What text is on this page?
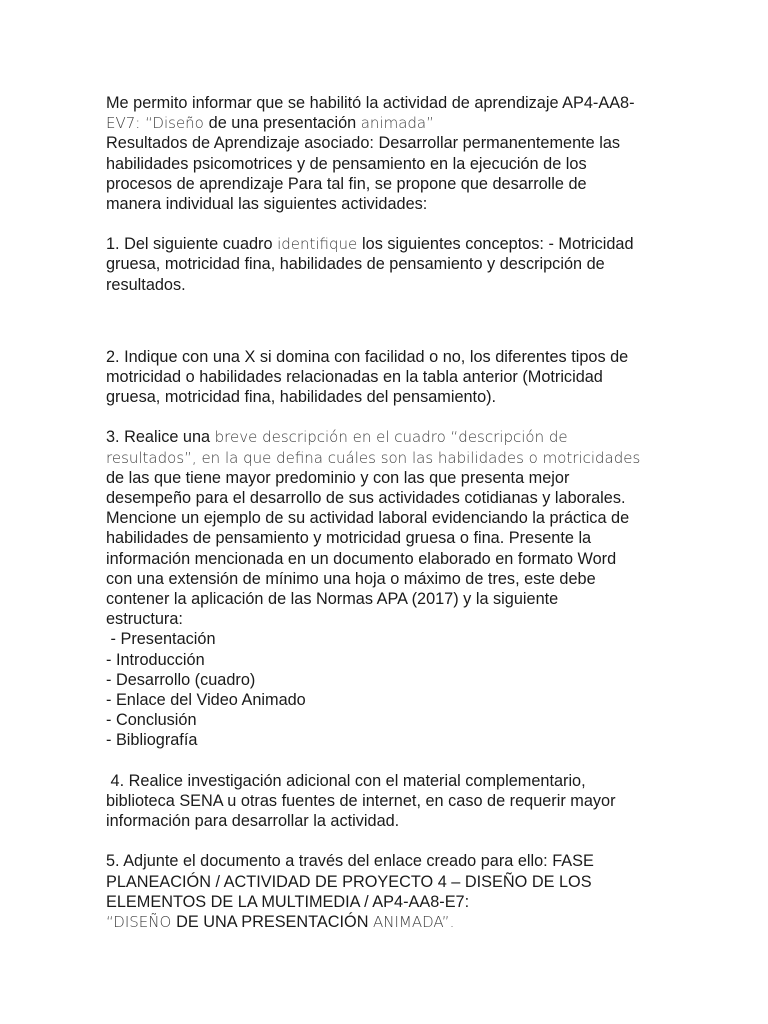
Me permito informar que se habilitó la actividad de aprendizaje AP4-AA8-
EV7: “Diseño de una presentación animada”
Resultados de Aprendizaje asociado: Desarrollar permanentemente las
habilidades psicomotrices y de pensamiento en la ejecución de los
procesos de aprendizaje Para tal fin, se propone que desarrolle de
manera individual las siguientes actividades:
1. Del siguiente cuadro identifique los siguientes conceptos: - Motricidad
gruesa, motricidad fina, habilidades de pensamiento y descripción de
resultados.
2. Indique con una X si domina con facilidad o no, los diferentes tipos de
motricidad o habilidades relacionadas en la tabla anterior (Motricidad
gruesa, motricidad fina, habilidades del pensamiento).
3. Realice una breve descripción en el cuadro “descripción de
resultados”, en la que defina cuáles son las habilidades o motricidades
de las que tiene mayor predominio y con las que presenta mejor
desempeño para el desarrollo de sus actividades cotidianas y laborales.
Mencione un ejemplo de su actividad laboral evidenciando la práctica de
habilidades de pensamiento y motricidad gruesa o fina. Presente la
información mencionada en un documento elaborado en formato Word
con una extensión de mínimo una hoja o máximo de tres, este debe
contener la aplicación de las Normas APA (2017) y la siguiente
estructura:
- Presentación
- Introducción
- Desarrollo (cuadro)
- Enlace del Video Animado
- Conclusión
- Bibliografía
4. Realice investigación adicional con el material complementario,
biblioteca SENA u otras fuentes de internet, en caso de requerir mayor
información para desarrollar la actividad.
5. Adjunte el documento a través del enlace creado para ello: FASE
PLANEACIÓN / ACTIVIDAD DE PROYECTO 4 – DISEÑO DE LOS
ELEMENTOS DE LA MULTIMEDIA / AP4-AA8-E7:
“DISEÑO DE UNA PRESENTACIÓN ANIMADA”.
